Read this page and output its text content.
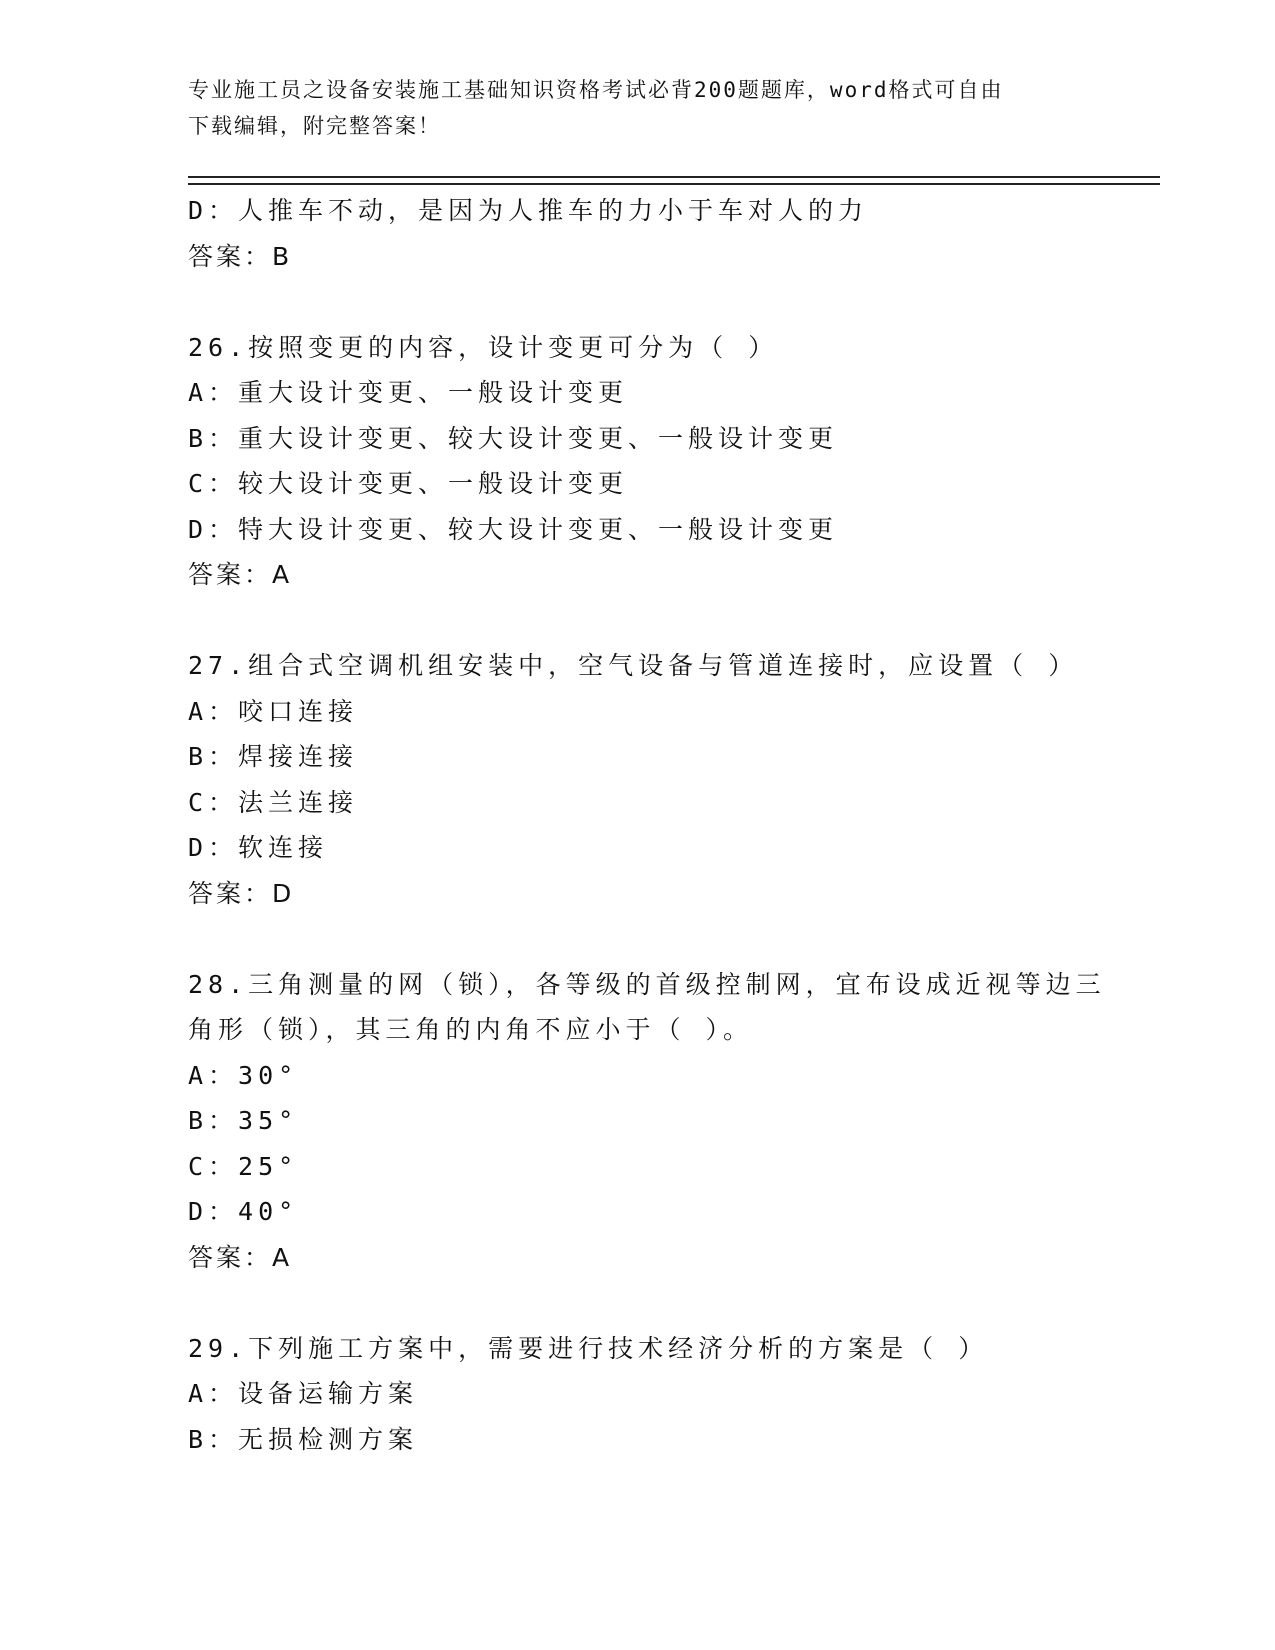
专业施工员之设备安装施工基础知识资格考试必背200题题库，word格式可自由
下载编辑，附完整答案！
D：人推车不动，是因为人推车的力小于车对人的力
答案：B
26.按照变更的内容，设计变更可分为（ ）
A：重大设计变更、一般设计变更
B：重大设计变更、较大设计变更、一般设计变更
C：较大设计变更、一般设计变更
D：特大设计变更、较大设计变更、一般设计变更
答案：A
27.组合式空调机组安装中，空气设备与管道连接时，应设置（ ）
A：咬口连接
B：焊接连接
C：法兰连接
D：软连接
答案：D
28.三角测量的网（锁），各等级的首级控制网，宜布设成近视等边三
角形（锁），其三角的内角不应小于（ ）。
A：30°
B：35°
C：25°
D：40°
答案：A
29.下列施工方案中，需要进行技术经济分析的方案是（ ）
A：设备运输方案
B：无损检测方案
